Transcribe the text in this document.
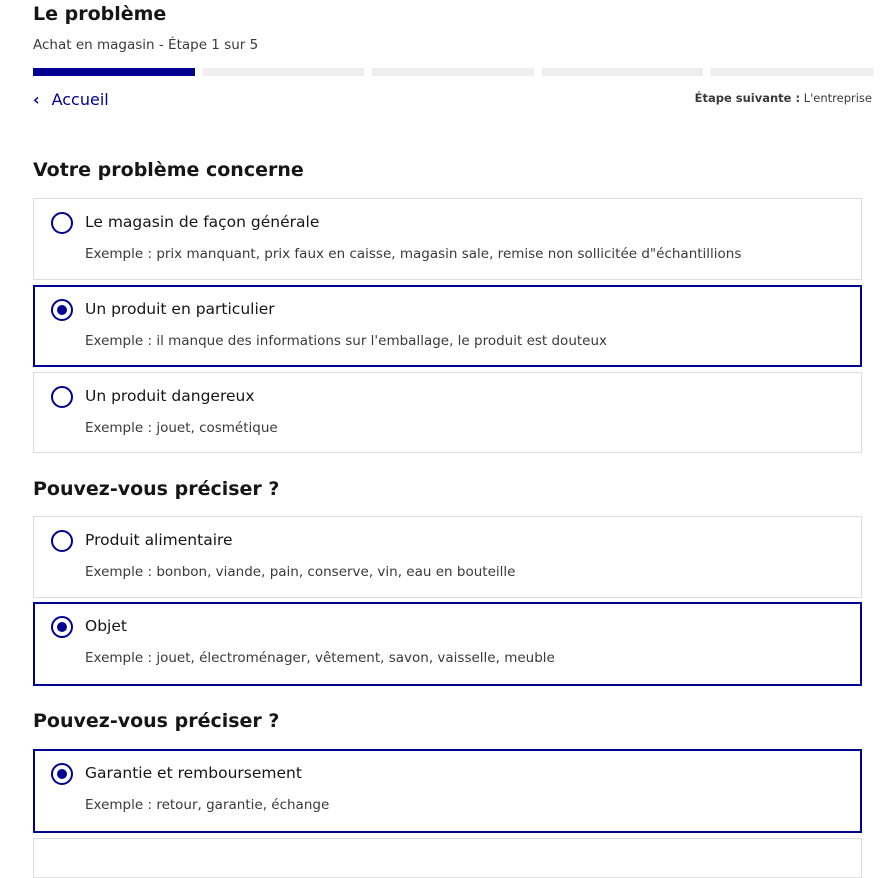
Le problème
Achat en magasin - Étape 1 sur 5
‹ Accueil	Étape suivante : L'entreprise
Votre problème concerne
Le magasin de façon générale
Exemple : prix manquant, prix faux en caisse, magasin sale, remise non sollicitée d"échantillions
Un produit en particulier
Exemple : il manque des informations sur l'emballage, le produit est douteux
Un produit dangereux
Exemple : jouet, cosmétique
Pouvez-vous préciser ?
Produit alimentaire
Exemple : bonbon, viande, pain, conserve, vin, eau en bouteille
Objet
Exemple : jouet, électroménager, vêtement, savon, vaisselle, meuble
Pouvez-vous préciser ?
Garantie et remboursement
Exemple : retour, garantie, échange
